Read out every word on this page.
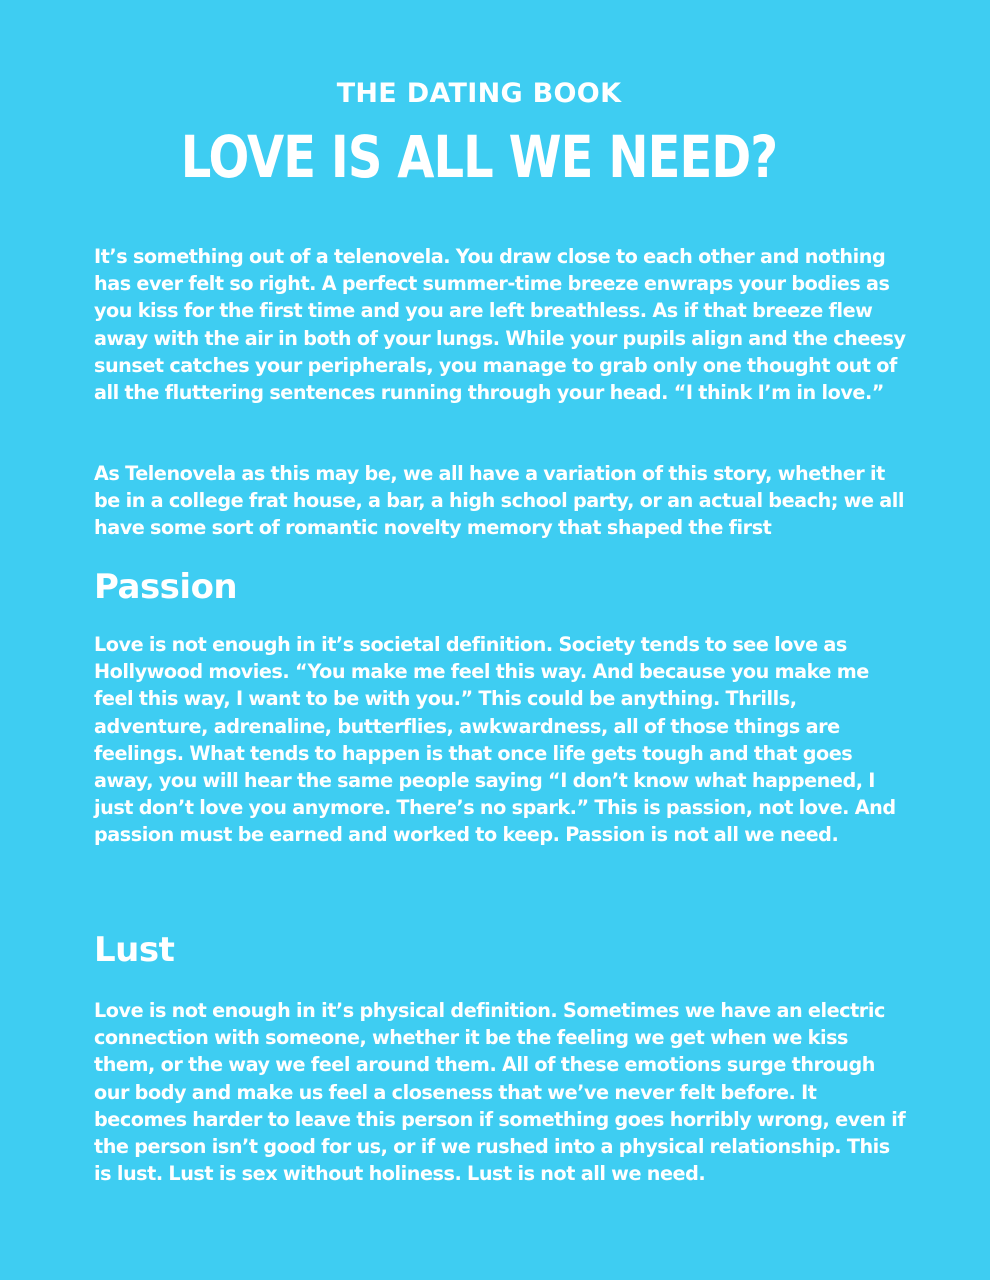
THE DATING BOOK
LOVE IS ALL WE NEED?

It’s something out of a telenovela. You draw close to each other and nothing has ever felt so right. A perfect summer-time breeze enwraps your bodies as you kiss for the first time and you are left breathless. As if that breeze flew away with the air in both of your lungs. While your pupils align and the cheesy sunset catches your peripherals, you manage to grab only one thought out of all the fluttering sentences running through your head. “I think I’m in love.”

As Telenovela as this may be, we all have a variation of this story, whether it be in a college frat house, a bar, a high school party, or an actual beach; we all have some sort of romantic novelty memory that shaped the first

Passion

Love is not enough in it’s societal definition. Society tends to see love as Hollywood movies. “You make me feel this way. And because you make me feel this way, I want to be with you.” This could be anything. Thrills, adventure, adrenaline, butterflies, awkwardness, all of those things are feelings. What tends to happen is that once life gets tough and that goes away, you will hear the same people saying “I don’t know what happened, I just don’t love you anymore. There’s no spark.” This is passion, not love. And passion must be earned and worked to keep. Passion is not all we need.

Lust

Love is not enough in it’s physical definition. Sometimes we have an electric connection with someone, whether it be the feeling we get when we kiss them, or the way we feel around them. All of these emotions surge through our body and make us feel a closeness that we’ve never felt before. It becomes harder to leave this person if something goes horribly wrong, even if the person isn’t good for us, or if we rushed into a physical relationship. This is lust. Lust is sex without holiness. Lust is not all we need.
